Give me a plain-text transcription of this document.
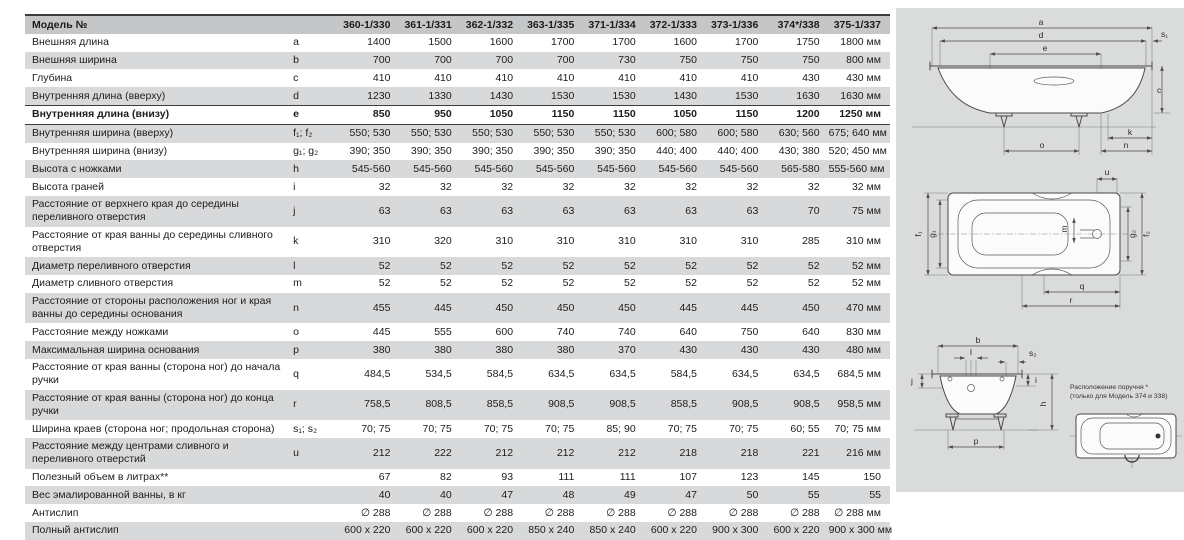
Модель №		360-1/330	361-1/331	362-1/332	363-1/335	371-1/334	372-1/333	373-1/336	374*/338	375-1/337
Внешняя длина	a	1400	1500	1600	1700	1700	1600	1700	1750	1800 мм
Внешняя ширина	b	700	700	700	700	730	750	750	750	800 мм
Глубина	c	410	410	410	410	410	410	410	430	430 мм
Внутренняя длина (вверху)	d	1230	1330	1430	1530	1530	1430	1530	1630	1630 мм
Внутренняя длина (внизу)	e	850	950	1050	1150	1150	1050	1150	1200	1250 мм
Внутренняя ширина (вверху)	f₁; f₂	550; 530	550; 530	550; 530	550; 530	550; 530	600; 580	600; 580	630; 560	675; 640 мм
Внутренняя ширина (внизу)	g₁; g₂	390; 350	390; 350	390; 350	390; 350	390; 350	440; 400	440; 400	430; 380	520; 450 мм
Высота с ножками	h	545-560	545-560	545-560	545-560	545-560	545-560	545-560	565-580	555-560 мм
Высота граней	i	32	32	32	32	32	32	32	32	32 мм
Расстояние от верхнего края до середины переливного отверстия	j	63	63	63	63	63	63	63	70	75 мм
Расстояние от края ванны до середины сливного отверстия	k	310	320	310	310	310	310	310	285	310 мм
Диаметр переливного отверстия	l	52	52	52	52	52	52	52	52	52 мм
Диаметр сливного отверстия	m	52	52	52	52	52	52	52	52	52 мм
Расстояние от стороны расположения ног и края ванны до середины основания	n	455	445	450	450	450	445	445	450	470 мм
Расстояние между ножками	o	445	555	600	740	740	640	750	640	830 мм
Максимальная ширина основания	p	380	380	380	380	370	430	430	430	480 мм
Расстояние от края ванны (сторона ног) до начала ручки	q	484,5	534,5	584,5	634,5	634,5	584,5	634,5	634,5	684,5 мм
Расстояние от края ванны (сторона ног) до конца ручки	r	758,5	808,5	858,5	908,5	908,5	858,5	908,5	908,5	958,5 мм
Ширина краев (сторона ног; продольная сторона)	s₁; s₂	70; 75	70; 75	70; 75	70; 75	85; 90	70; 75	70; 75	60; 55	70; 75 мм
Расстояние между центрами сливного и переливного отверстий	u	212	222	212	212	212	218	218	221	216 мм
Полезный объем в литрах**		67	82	93	111	111	107	123	145	150
Вес эмалированной ванны, в кг		40	40	47	48	49	47	50	55	55
Антислип		∅ 288	∅ 288	∅ 288	∅ 288	∅ 288	∅ 288	∅ 288	∅ 288	∅ 288 мм
Полный антислип		600 x 220	600 x 220	600 x 220	850 x 240	850 x 240	600 x 220	900 x 300	600 x 220	900 x 300 мм
a
d
e
s₁
c
k
o	n
u
m
f₁ g₁	g₂ f₂
q
r
b
l	s₂
j	i
h
p
Расположение поручня *
(только для Модель 374 и 338)
